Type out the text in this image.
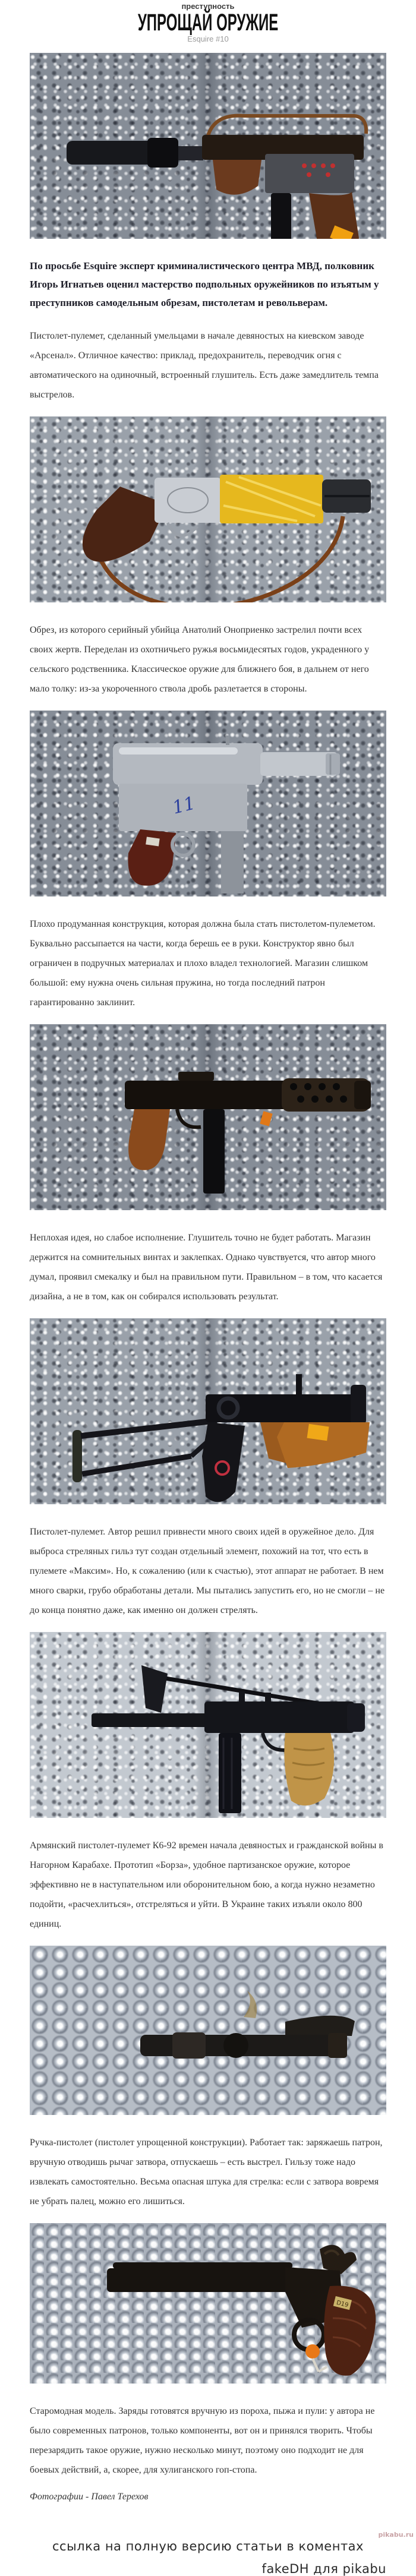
преступность
УПРОЩАЙ ОРУЖИЕ
Esquire #10

По просьбе Esquire эксперт криминалистического центра МВД, полковник Игорь Игнатьев оценил мастерство подпольных оружейников по изъятым у преступников самодельным обрезам, пистолетам и револьверам.

Пистолет-пулемет, сделанный умельцами в начале девяностых на киевском заводе «Арсенал». Отличное качество: приклад, предохранитель, переводчик огня с автоматического на одиночный, встроенный глушитель. Есть даже замедлитель темпа выстрелов.

Обрез, из которого серийный убийца Анатолий Оноприенко застрелил почти всех своих жертв. Переделан из охотничьего ружья восьмидесятых годов, украденного у сельского родственника. Классическое оружие для ближнего боя, в дальнем от него мало толку: из-за укороченного ствола дробь разлетается в стороны.

11

Плохо продуманная конструкция, которая должна была стать пистолетом-пулеметом. Буквально рассыпается на части, когда берешь ее в руки. Конструктор явно был ограничен в подручных материалах и плохо владел технологией. Магазин слишком большой: ему нужна очень сильная пружина, но тогда последний патрон гарантированно заклинит.

Неплохая идея, но слабое исполнение. Глушитель точно не будет работать. Магазин держится на сомнительных винтах и заклепках. Однако чувствуется, что автор много думал, проявил смекалку и был на правильном пути. Правильном – в том, что касается дизайна, а не в том, как он собирался использовать результат.

Пистолет-пулемет. Автор решил привнести много своих идей в оружейное дело. Для выброса стреляных гильз тут создан отдельный элемент, похожий на тот, что есть в пулемете «Максим». Но, к сожалению (или к счастью), этот аппарат не работает. В нем много сварки, грубо обработаны детали. Мы пытались запустить его, но не смогли – не до конца понятно даже, как именно он должен стрелять.

Армянский пистолет-пулемет К6-92 времен начала девяностых и гражданской войны в Нагорном Карабахе. Прототип «Борза», удобное партизанское оружие, которое эффективно не в наступательном или оборонительном бою, а когда нужно незаметно подойти, «расчехлиться», отстреляться и уйти. В Украине таких изъяли около 800 единиц.

Ручка-пистолет (пистолет упрощенной конструкции). Работает так: заряжаешь патрон, вручную отводишь рычаг затвора, отпускаешь – есть выстрел. Гильзу тоже надо извлекать самостоятельно. Весьма опасная штука для стрелка: если с затвора вовремя не убрать палец, можно его лишиться.

D19

Старомодная модель. Заряды готовятся вручную из пороха, пыжа и пули: у автора не было современных патронов, только компоненты, вот он и принялся творить. Чтобы перезарядить такое оружие, нужно несколько минут, поэтому оно подходит не для боевых действий, а, скорее, для хулиганского гоп-стопа.

Фотографии - Павел Терехов

ссылка на полную версию статьи в коментах
fakeDH для pikabu
pikabu.ru
